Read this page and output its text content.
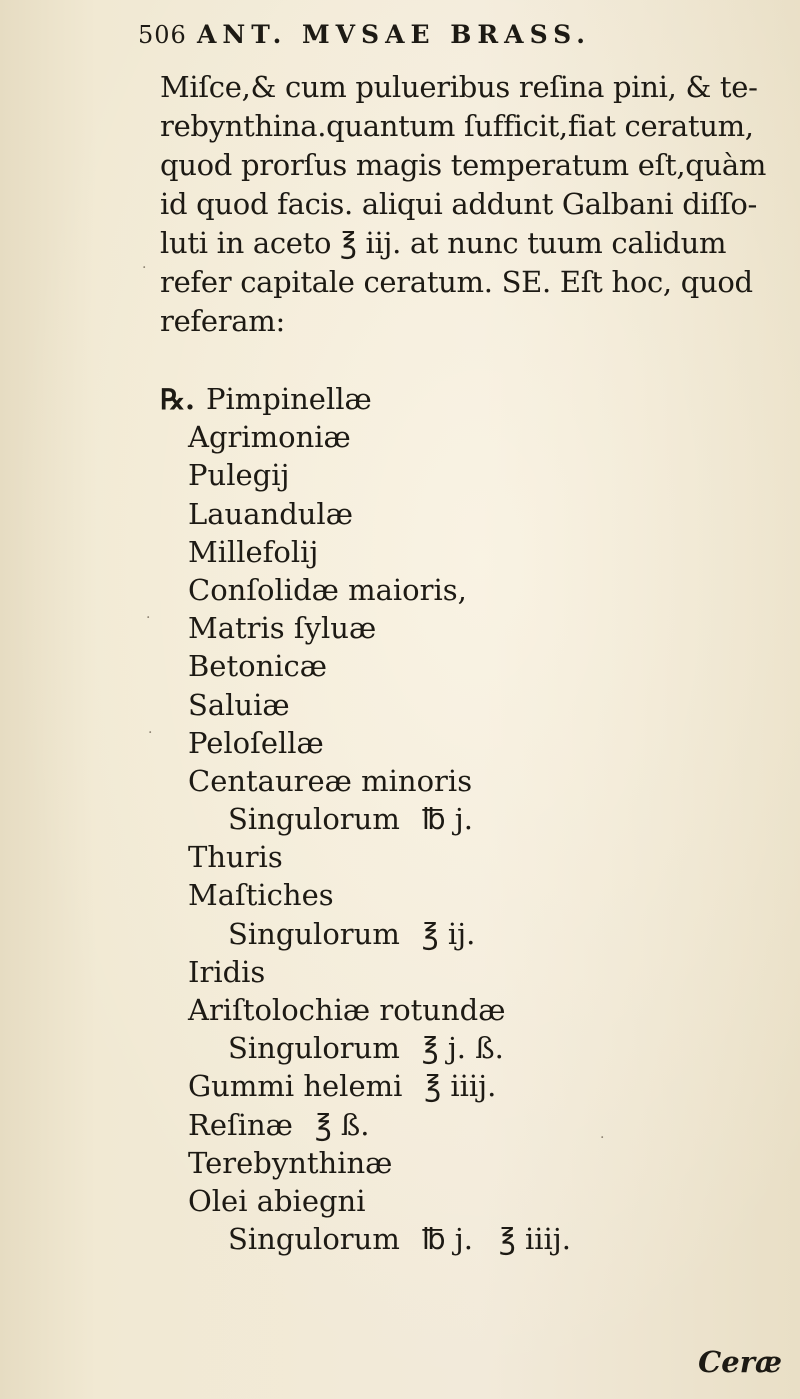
506 ANT. MVSAE BRASS.
Miſce,& cum pulueribus reſina pini, & te-
rebynthina.quantum ſufficit,fiat ceratum,
quod prorſus magis temperatum eſt,quàm
id quod facis. aliqui addunt Galbani diſſo-
luti in aceto ℥ iij. at nunc tuum calidum
refer capitale ceratum. SE. Eſt hoc, quod
referam:
℞. Pimpinellæ
Agrimoniæ
Pulegij
Lauandulæ
Millefolij
Conſolidæ maioris,
Matris ſyluæ
Betonicæ
Saluiæ
Peloſellæ
Centaureæ minoris
Singulorum ℔ j.
Thuris
Maſtiches
Singulorum ℥ ij.
Iridis
Ariſtolochiæ rotundæ
Singulorum ℥ j. ß.
Gummi helemi ℥ iiij.
Reſinæ ℥ ß.
Terebynthinæ
Olei abiegni
Singulorum ℔ j. ℥ iiij.
Ceræ
·
·
·
·
